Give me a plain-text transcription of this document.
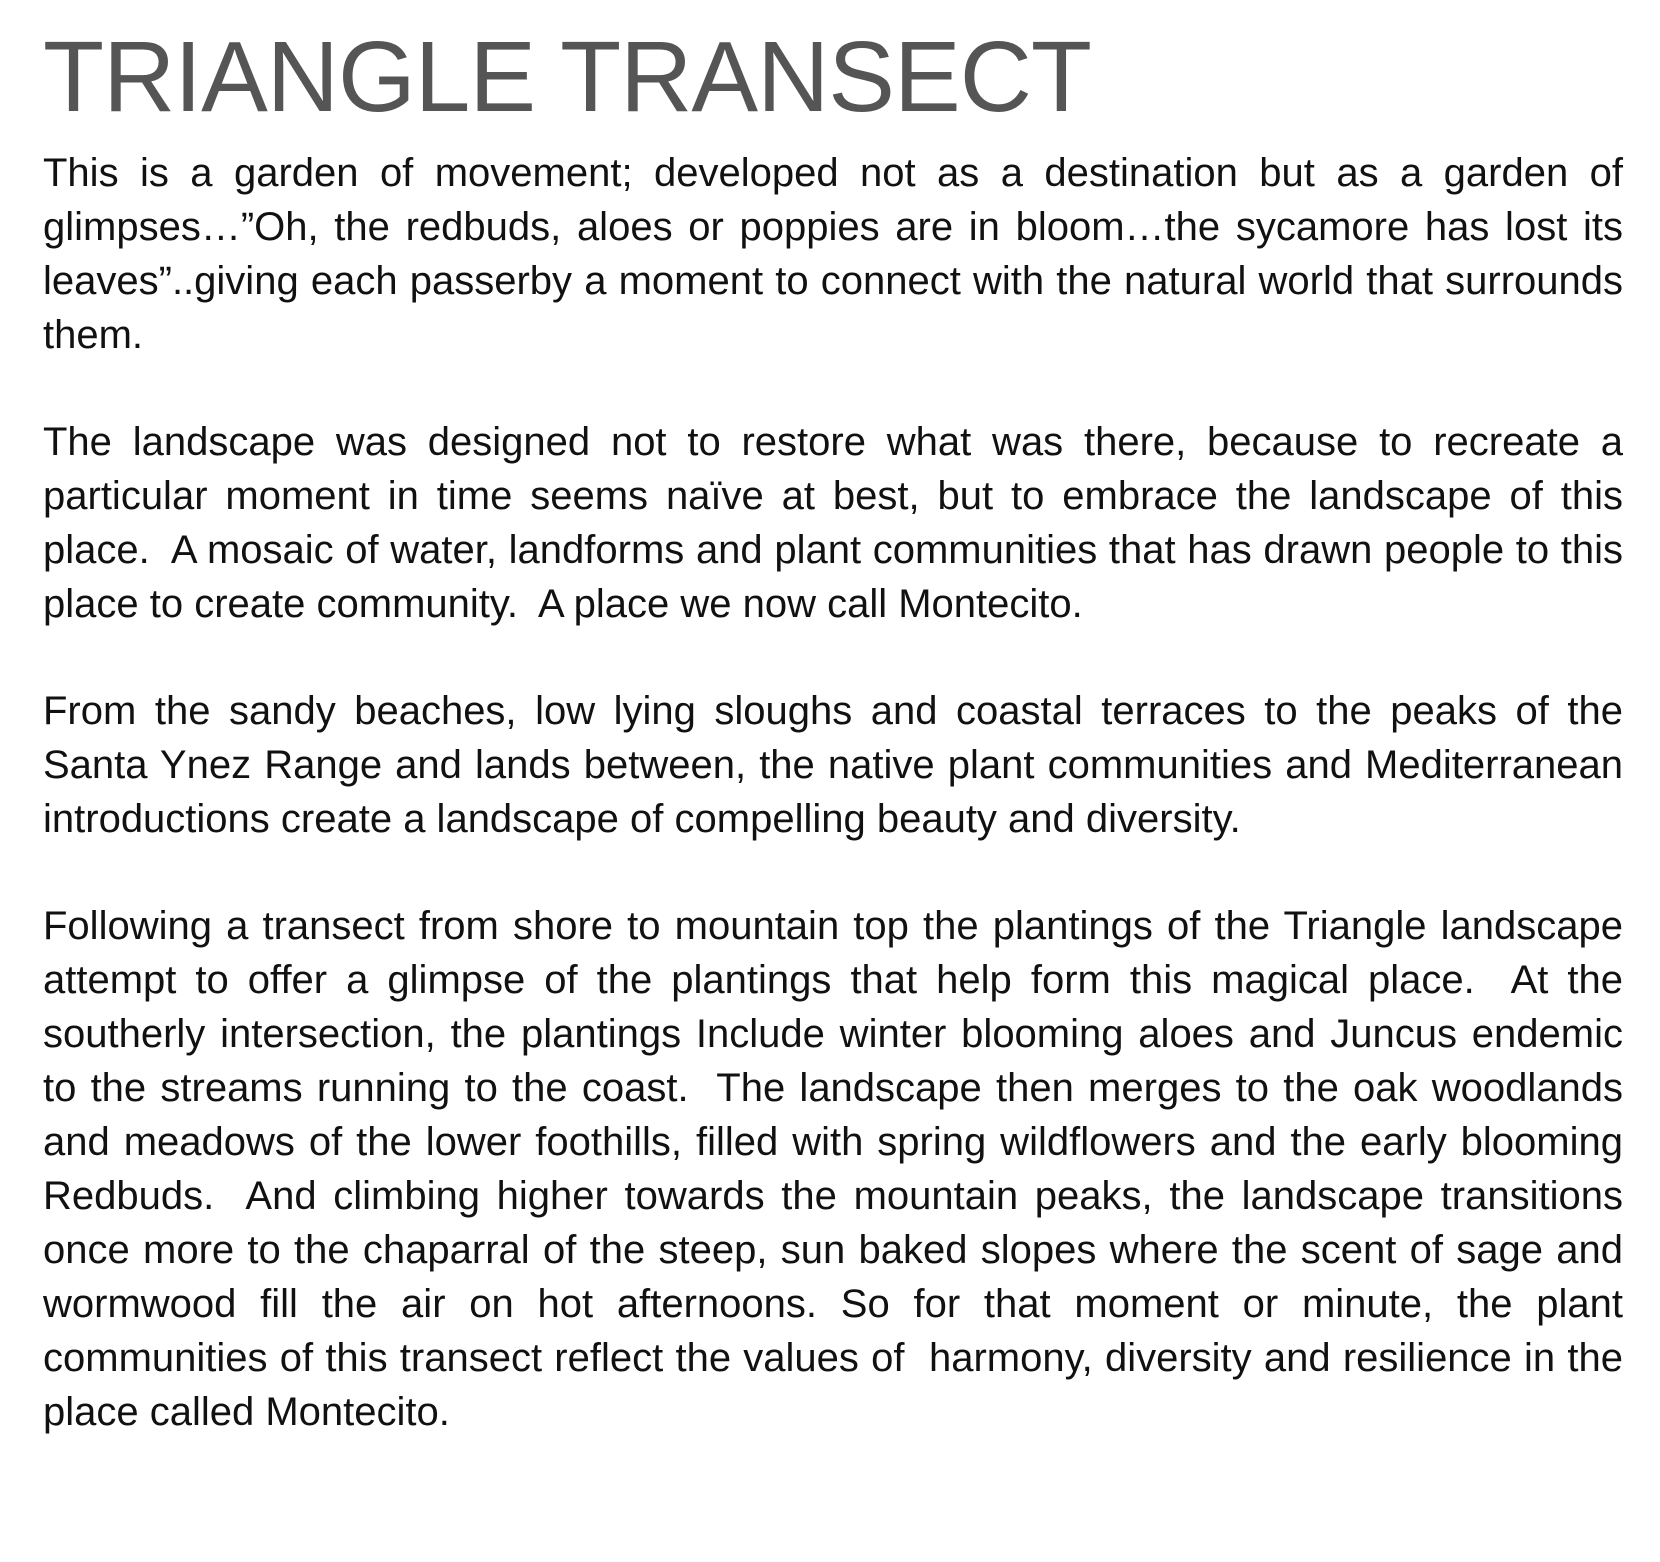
TRIANGLE TRANSECT

This is a garden of movement; developed not as a destination but as a garden of glimpses…”Oh, the redbuds, aloes or poppies are in bloom…the sycamore has lost its leaves”..giving each passerby a moment to connect with the natural world that surrounds  them.

The landscape was designed not to restore what was there, because to recreate a particular moment in time seems naïve at best, but to embrace the landscape of this place.  A mosaic of water, landforms and plant communities that has drawn people to this place to create community.  A place we now call Montecito.

From the sandy beaches, low lying sloughs and coastal terraces to the peaks of the Santa Ynez Range and lands between, the native plant communities and Mediterranean introductions create a landscape of compelling beauty and diversity.

Following a transect from shore to mountain top the plantings of the Triangle landscape attempt to offer a glimpse of the plantings that help form this magical place.  At the southerly intersection, the plantings Include winter blooming aloes and Juncus endemic to the streams running to the coast.  The landscape then merges to the oak woodlands and meadows of the lower foothills, filled with spring wildflowers and the early blooming Redbuds.  And climbing higher towards the mountain peaks, the landscape transitions once more to the chaparral of the steep, sun baked slopes where the scent of sage and wormwood fill the air on hot afternoons. So for that moment or minute, the plant communities of this transect reflect the values of  harmony, diversity and resilience in the place called Montecito.
